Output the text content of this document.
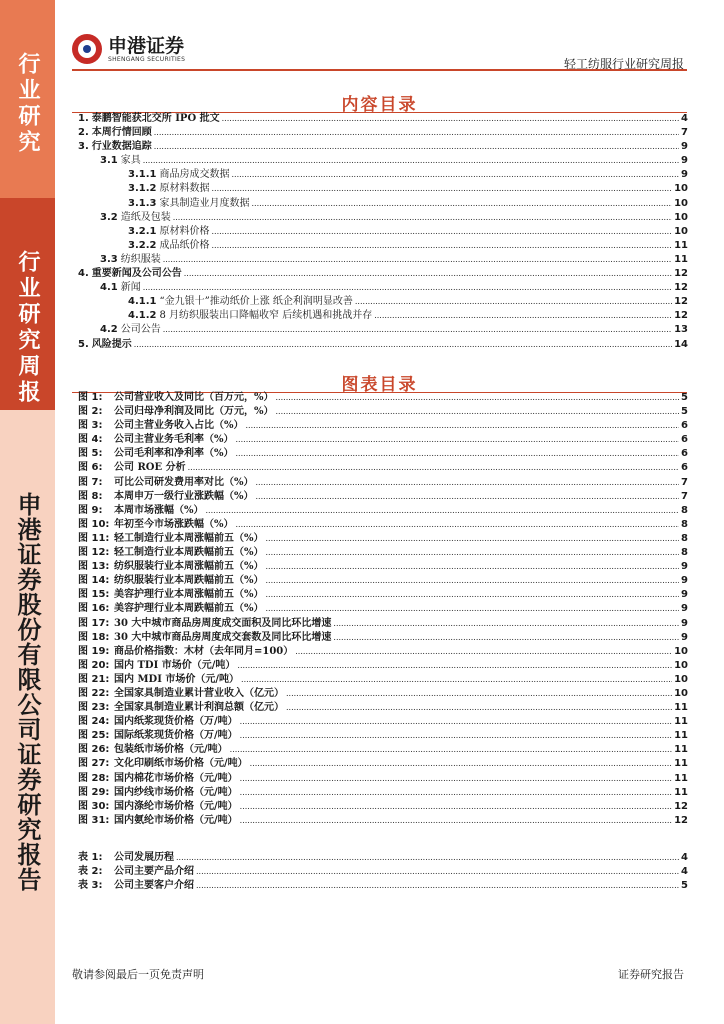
行业研究
行业研究周报
申港证券股份有限公司证券研究报告
申港证券
SHENGANG SECURITIES	轻工纺服行业研究周报
内容目录
1. 泰鹏智能获北交所 IPO 批文 .....	4
2. 本周行情回顾 .....	7
3. 行业数据追踪 .....	9
3.1 家具 .....	9
3.1.1 商品房成交数据 .....	9
3.1.2 原材料数据 .....	10
3.1.3 家具制造业月度数据 .....	10
3.2 造纸及包装 .....	10
3.2.1 原材料价格 .....	10
3.2.2 成品纸价格 .....	11
3.3 纺织服装 .....	11
4. 重要新闻及公司公告 .....	12
4.1 新闻 .....	12
4.1.1 “金九银十”推动纸价上涨 纸企利润明显改善 .....	12
4.1.2 8 月纺织服装出口降幅收窄 后续机遇和挑战并存 .....	12
4.2 公司公告 .....	13
5. 风险提示 .....	14
图表目录
图 1:	公司营业收入及同比（百万元，%） .....	5
图 2:	公司归母净利润及同比（万元，%） .....	5
图 3:	公司主营业务收入占比（%） .....	6
图 4:	公司主营业务毛利率（%） .....	6
图 5:	公司毛利率和净利率（%） .....	6
图 6:	公司 ROE 分析 .....	6
图 7:	可比公司研发费用率对比（%） .....	7
图 8:	本周申万一级行业涨跌幅（%） .....	7
图 9:	本周市场涨幅（%） .....	8
图 10: 年初至今市场涨跌幅（%） .....	8
图 11: 轻工制造行业本周涨幅前五（%） .....	8
图 12: 轻工制造行业本周跌幅前五（%） .....	8
图 13: 纺织服装行业本周涨幅前五（%） .....	9
图 14: 纺织服装行业本周跌幅前五（%） .....	9
图 15: 美容护理行业本周涨幅前五（%） .....	9
图 16: 美容护理行业本周跌幅前五（%） .....	9
图 17: 30 大中城市商品房周度成交面积及同比环比增速 .....	9
图 18: 30 大中城市商品房周度成交套数及同比环比增速 .....	9
图 19: 商品价格指数：木材（去年同月=100） .....	10
图 20: 国内 TDI 市场价（元/吨） .....	10
图 21: 国内 MDI 市场价（元/吨） .....	10
图 22: 全国家具制造业累计营业收入（亿元） .....	10
图 23: 全国家具制造业累计利润总额（亿元） .....	11
图 24: 国内纸浆现货价格（万/吨） .....	11
图 25: 国际纸浆现货价格（万/吨） .....	11
图 26: 包装纸市场价格（元/吨） .....	11
图 27: 文化印刷纸市场价格（元/吨） .....	11
图 28: 国内棉花市场价格（元/吨） .....	11
图 29: 国内纱线市场价格（元/吨） .....	11
图 30: 国内涤纶市场价格（元/吨） .....	12
图 31: 国内氨纶市场价格（元/吨） .....	12
表 1:	公司发展历程 .....	4
表 2:	公司主要产品介绍 .....	4
表 3:	公司主要客户介绍 .....	5
敬请参阅最后一页免责声明	证券研究报告
